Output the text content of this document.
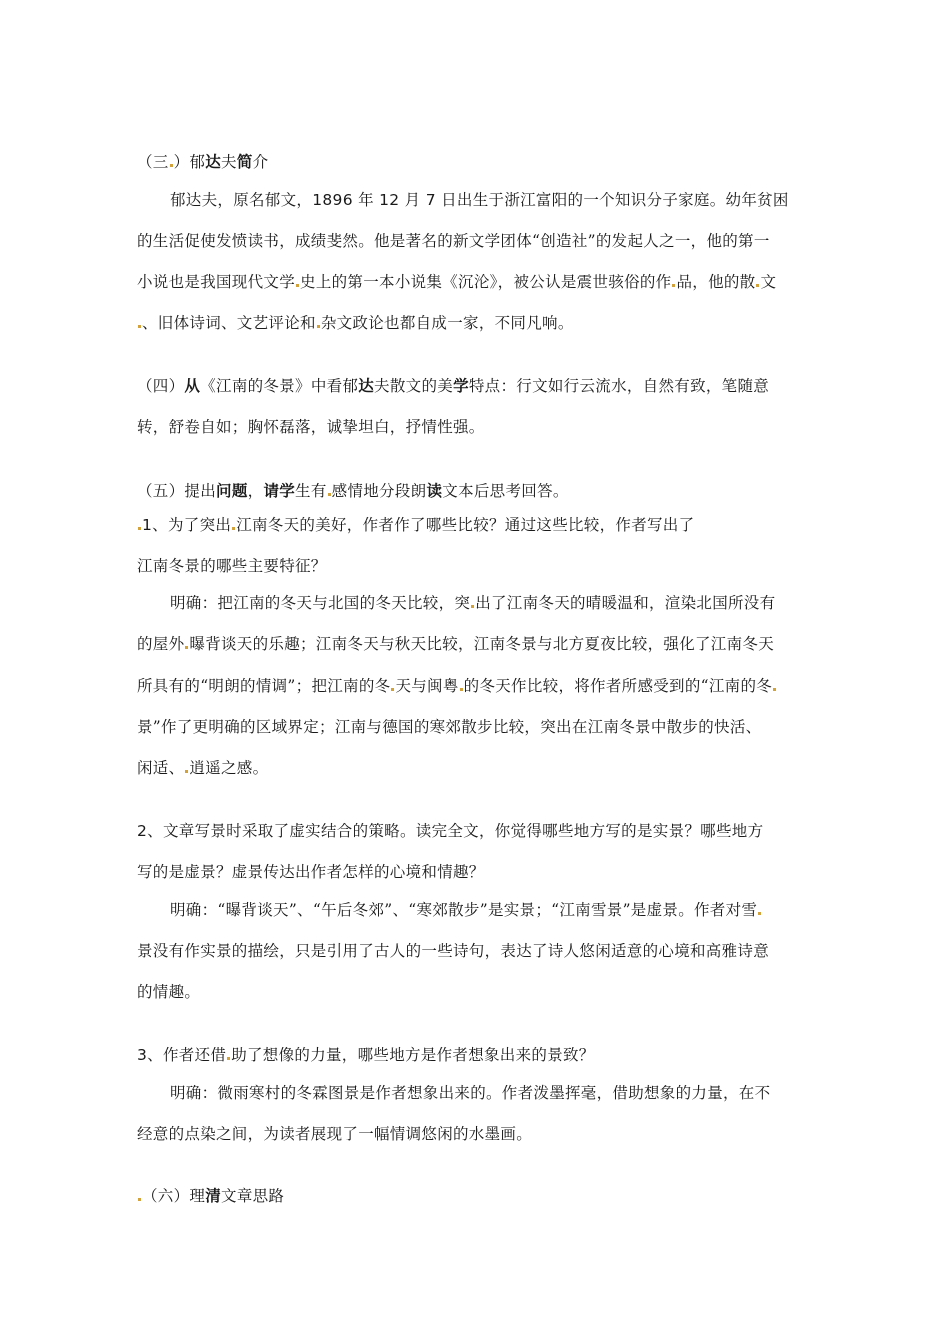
（三 ）郁达夫简介
郁达夫，原名郁文，1896 年 12 月 7 日出生于浙江富阳的一个知识分子家庭。幼年贫困
的生活促使发愤读书，成绩斐然。他是著名的新文学团体“创造社”的发起人之一，他的第一
小说也是我国现代文学 史上的第一本小说集《沉沦》，被公认是震世骇俗的作 品，他的散 文
、旧体诗词、文艺评论和 杂文政论也都自成一家，不同凡响。
（四）从《江南的冬景》中看郁达夫散文的美学特点：行文如行云流水，自然有致，笔随意
转，舒卷自如；胸怀磊落，诚挚坦白，抒情性强。
（五）提出问题，请学生有 感情地分段朗读文本后思考回答。
1、为了突出 江南冬天的美好，作者作了哪些比较？通过这些比较，作者写出了
江南冬景的哪些主要特征？
明确：把江南的冬天与北国的冬天比较，突 出了江南冬天的晴暖温和，渲染北国所没有
的屋外 曝背谈天的乐趣；江南冬天与秋天比较，江南冬景与北方夏夜比较，强化了江南冬天
所具有的“明朗的情调”；把江南的冬 天与闽粤 的冬天作比较，将作者所感受到的“江南的冬
景”作了更明确的区域界定；江南与德国的寒郊散步比较，突出在江南冬景中散步的快活、
闲适、 逍遥之感。
2、文章写景时采取了虚实结合的策略。读完全文，你觉得哪些地方写的是实景？哪些地方
写的是虚景？虚景传达出作者怎样的心境和情趣？
明确：“曝背谈天”、“午后冬郊”、“寒郊散步”是实景；“江南雪景”是虚景。作者对雪
景没有作实景的描绘，只是引用了古人的一些诗句，表达了诗人悠闲适意的心境和高雅诗意
的情趣。
3、作者还借 助了想像的力量，哪些地方是作者想象出来的景致？
明确：微雨寒村的冬霖图景是作者想象出来的。作者泼墨挥毫，借助想象的力量，在不
经意的点染之间，为读者展现了一幅情调悠闲的水墨画。
（六）理清文章思路
